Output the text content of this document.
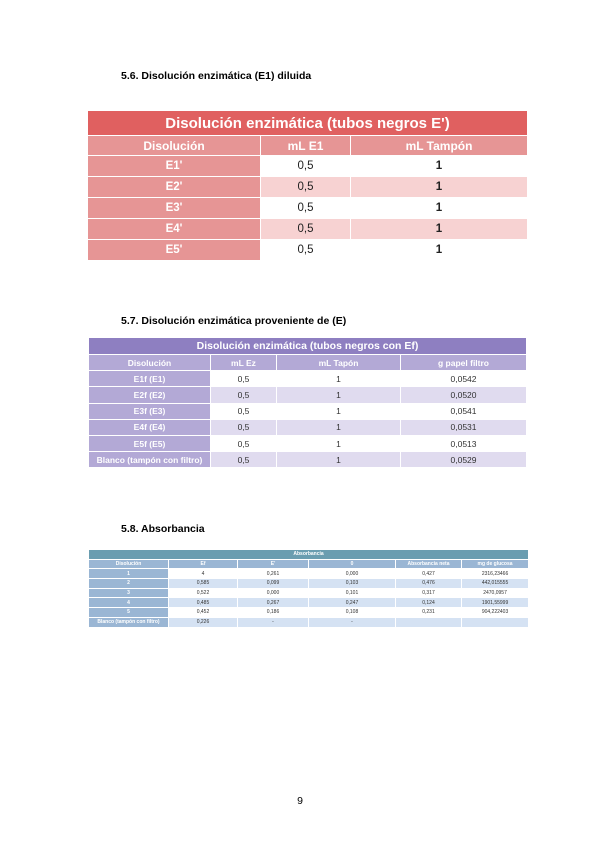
5.6. Disolución enzimática (E1) diluida
Disolución enzimática (tubos negros E')		
Disolución	mL E1	mL Tampón
E1'	0,5	1
E2'	0,5	1
E3'	0,5	1
E4'	0,5	1
E5'	0,5	1
5.7. Disolución enzimática proveniente de (E)
Disolución enzimática (tubos negros con Ef)			
Disolución	mL Ez	mL Tapón	g papel filtro
E1f (E1)	0,5	1	0,0542
E2f (E2)	0,5	1	0,0520
E3f (E3)	0,5	1	0,0541
E4f (E4)	0,5	1	0,0531
E5f (E5)	0,5	1	0,0513
Blanco (tampón con filtro)	0,5	1	0,0529
5.8. Absorbancia
Absorbancia					
Disolución	Ef	E'	0	Absorbancia neta	mg de glucosa
1	4	0,261	0,000	0,427	2316,23466
2	0,585	0,099	0,103	0,476	442,015555
3	0,522	0,000	0,101	0,317	2470,0957
4	0,485	0,267	0,247	0,124	1901,55999
5	0,452	0,186	0,108	0,231	904,222403
Blanco (tampón con filtro)	0,226	-	-		
9
